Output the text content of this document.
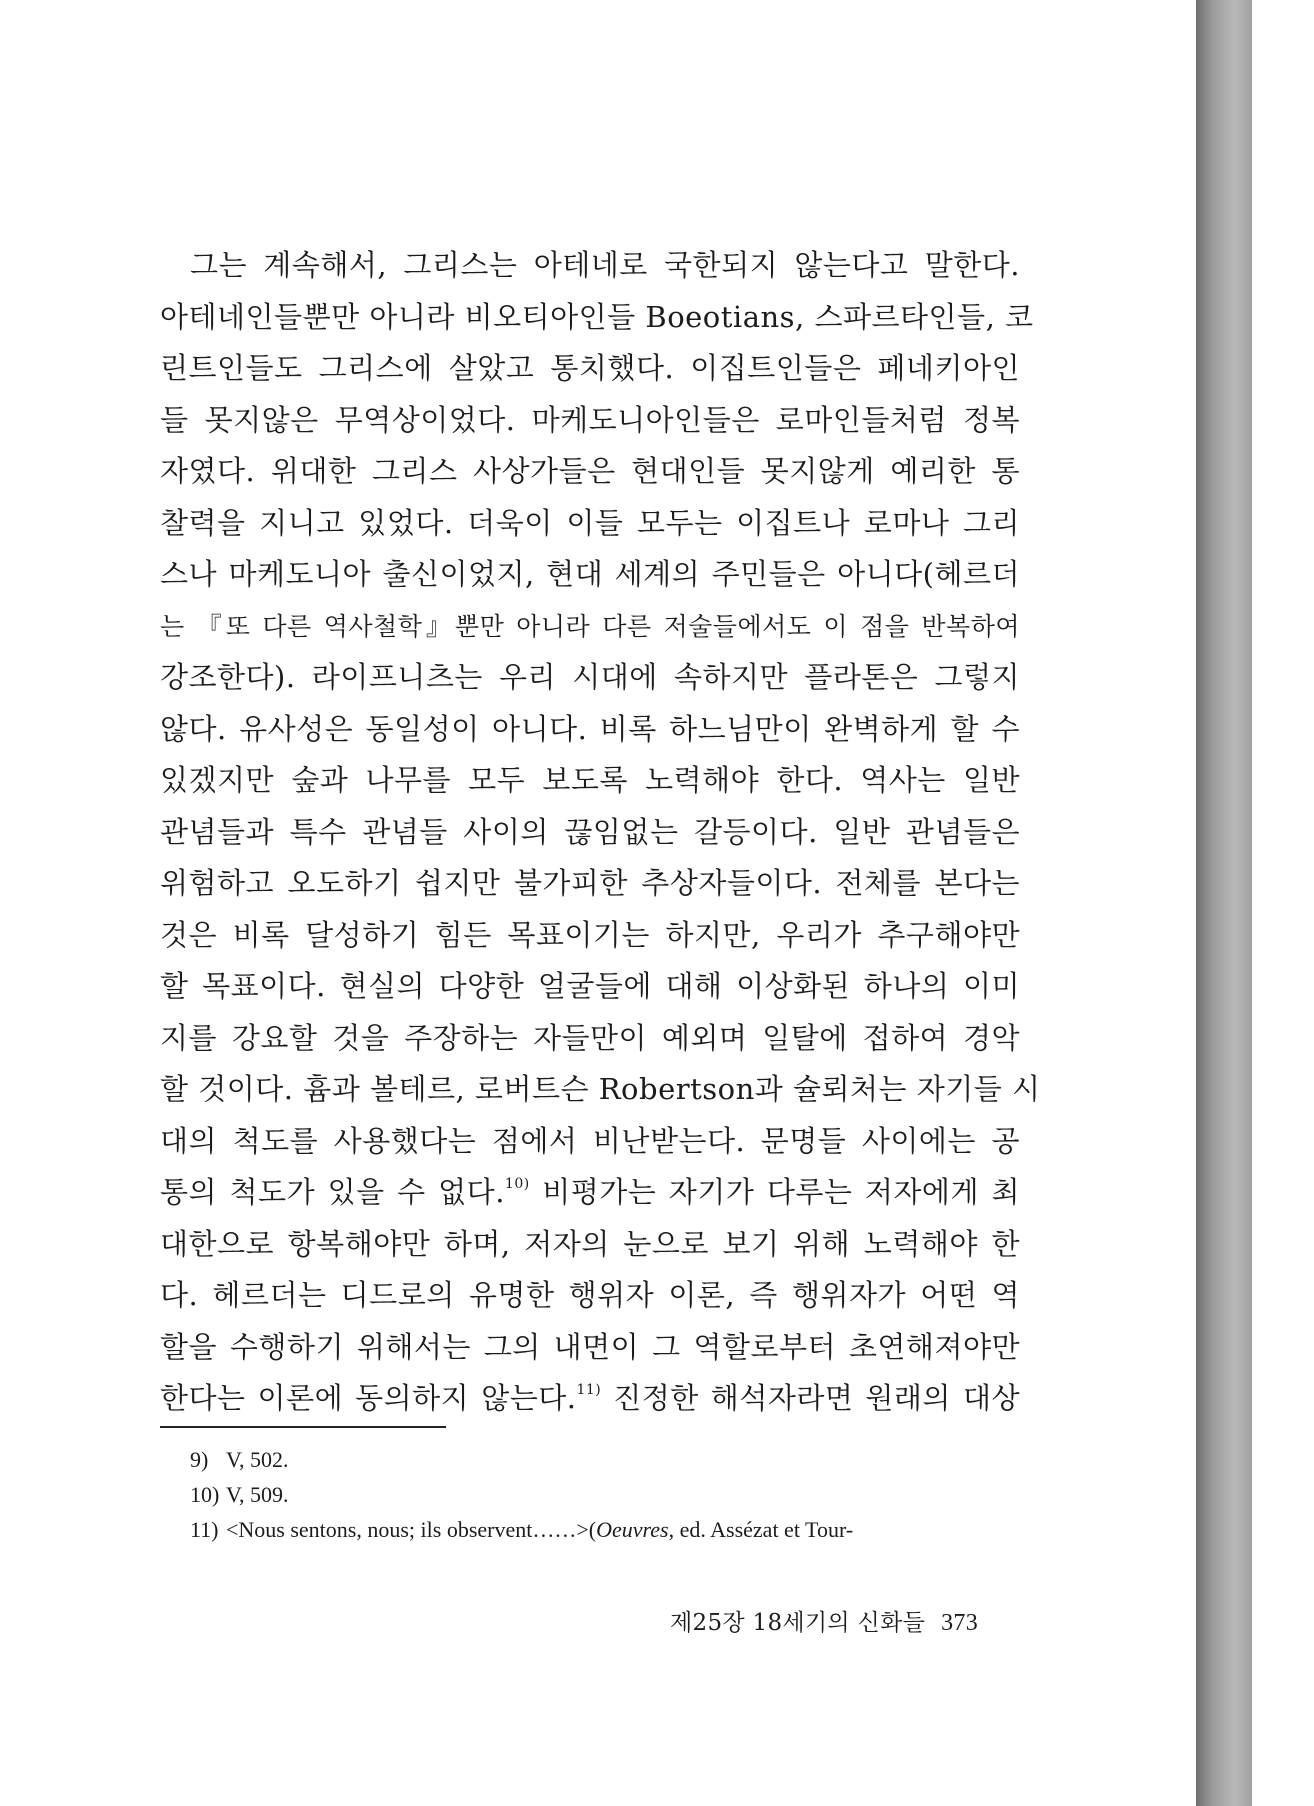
그는 계속해서, 그리스는 아테네로 국한되지 않는다고 말한다.
아테네인들뿐만 아니라 비오티아인들 Boeotians, 스파르타인들, 코
린트인들도 그리스에 살았고 통치했다. 이집트인들은 페네키아인
들 못지않은 무역상이었다. 마케도니아인들은 로마인들처럼 정복
자였다. 위대한 그리스 사상가들은 현대인들 못지않게 예리한 통
찰력을 지니고 있었다. 더욱이 이들 모두는 이집트나 로마나 그리
스나 마케도니아 출신이었지, 현대 세계의 주민들은 아니다(헤르더
는 『또 다른 역사철학』뿐만 아니라 다른 저술들에서도 이 점을 반복하여
강조한다). 라이프니츠는 우리 시대에 속하지만 플라톤은 그렇지
않다. 유사성은 동일성이 아니다. 비록 하느님만이 완벽하게 할 수
있겠지만 숲과 나무를 모두 보도록 노력해야 한다. 역사는 일반
관념들과 특수 관념들 사이의 끊임없는 갈등이다. 일반 관념들은
위험하고 오도하기 쉽지만 불가피한 추상자들이다. 전체를 본다는
것은 비록 달성하기 힘든 목표이기는 하지만, 우리가 추구해야만
할 목표이다. 현실의 다양한 얼굴들에 대해 이상화된 하나의 이미
지를 강요할 것을 주장하는 자들만이 예외며 일탈에 접하여 경악
할 것이다. 흄과 볼테르, 로버트슨 Robertson과 슐뢰처는 자기들 시
대의 척도를 사용했다는 점에서 비난받는다. 문명들 사이에는 공
통의 척도가 있을 수 없다.$^{10)}$ 비평가는 자기가 다루는 저자에게 최
대한으로 항복해야만 하며, 저자의 눈으로 보기 위해 노력해야 한
다. 헤르더는 디드로의 유명한 행위자 이론, 즉 행위자가 어떤 역
할을 수행하기 위해서는 그의 내면이 그 역할로부터 초연해져야만
한다는 이론에 동의하지 않는다.$^{11)}$ 진정한 해석자라면 원래의 대상
9) V, 502.
10) V, 509.
11) <Nous sentons, nous; ils observent……>(Oeuvres, ed. Assézat et Tour-
제25장 18세기의 신화들 373
